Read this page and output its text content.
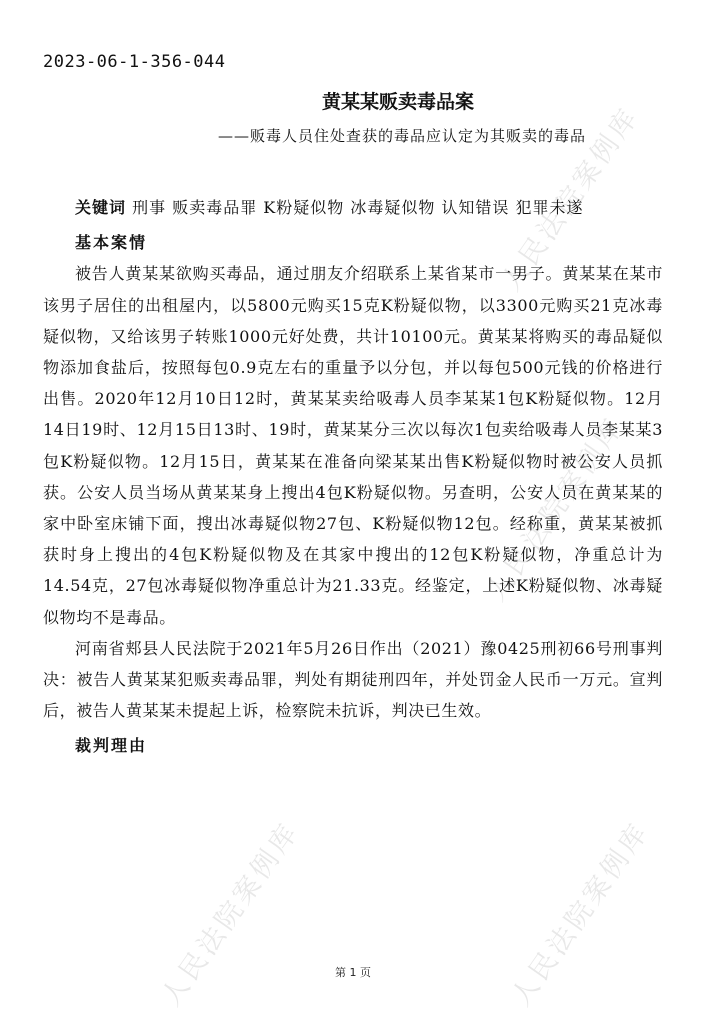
人民法院案例库
人民法院案例库
人民法院案例库	人民法院案例库
2023-06-1-356-044
黄某某贩卖毒品案
——贩毒人员住处查获的毒品应认定为其贩卖的毒品

关键词 刑事 贩卖毒品罪 K粉疑似物 冰毒疑似物 认知错误 犯罪未遂

基本案情

被告人黄某某欲购买毒品，通过朋友介绍联系上某省某市一男子。黄某某在某市该男子居住的出租屋内，以5800元购买15克K粉疑似物，以3300元购买21克冰毒疑似物，又给该男子转账1000元好处费，共计10100元。黄某某将购买的毒品疑似物添加食盐后，按照每包0.9克左右的重量予以分包，并以每包500元钱的价格进行出售。2020年12月10日12时，黄某某卖给吸毒人员李某某1包K粉疑似物。12月14日19时、12月15日13时、19时，黄某某分三次以每次1包卖给吸毒人员李某某3包K粉疑似物。12月15日，黄某某在准备向梁某某出售K粉疑似物时被公安人员抓获。公安人员当场从黄某某身上搜出4包K粉疑似物。另查明，公安人员在黄某某的家中卧室床铺下面，搜出冰毒疑似物27包、K粉疑似物12包。经称重，黄某某被抓获时身上搜出的4包K粉疑似物及在其家中搜出的12包K粉疑似物，净重总计为14.54克，27包冰毒疑似物净重总计为21.33克。经鉴定，上述K粉疑似物、冰毒疑似物均不是毒品。

河南省郏县人民法院于2021年5月26日作出（2021）豫0425刑初66号刑事判决：被告人黄某某犯贩卖毒品罪，判处有期徒刑四年，并处罚金人民币一万元。宣判后，被告人黄某某未提起上诉，检察院未抗诉，判决已生效。

裁判理由

第 1 页
